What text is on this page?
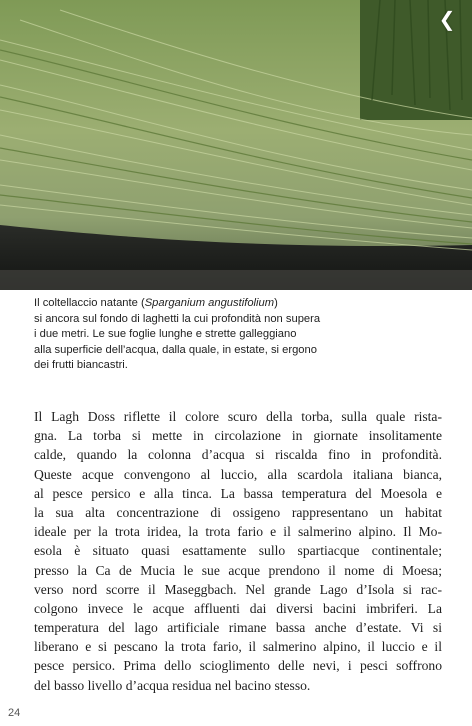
❮
Il coltellaccio natante (Sparganium angustifolium)
si ancora sul fondo di laghetti la cui profondità non supera
i due metri. Le sue foglie lunghe e strette galleggiano
alla superficie dell’acqua, dalla quale, in estate, si ergono
dei frutti biancastri.
Il Lagh Doss riflette il colore scuro della torba, sulla quale rista-
gna. La torba si mette in circolazione in giornate insolitamente
calde, quando la colonna d’acqua si riscalda fino in profondità.
Queste acque convengono al luccio, alla scardola italiana bianca,
al pesce persico e alla tinca. La bassa temperatura del Moesola e
la sua alta concentrazione di ossigeno rappresentano un habitat
ideale per la trota iridea, la trota fario e il salmerino alpino. Il Mo-
esola è situato quasi esattamente sullo spartiacque continentale;
presso la Ca de Mucia le sue acque prendono il nome di Moesa;
verso nord scorre il Maseggbach. Nel grande Lago d’Isola si rac-
colgono invece le acque affluenti dai diversi bacini imbriferi. La
temperatura del lago artificiale rimane bassa anche d’estate. Vi si
liberano e si pescano la trota fario, il salmerino alpino, il luccio e il
pesce persico. Prima dello scioglimento delle nevi, i pesci soffrono
del basso livello d’acqua residua nel bacino stesso.
24
